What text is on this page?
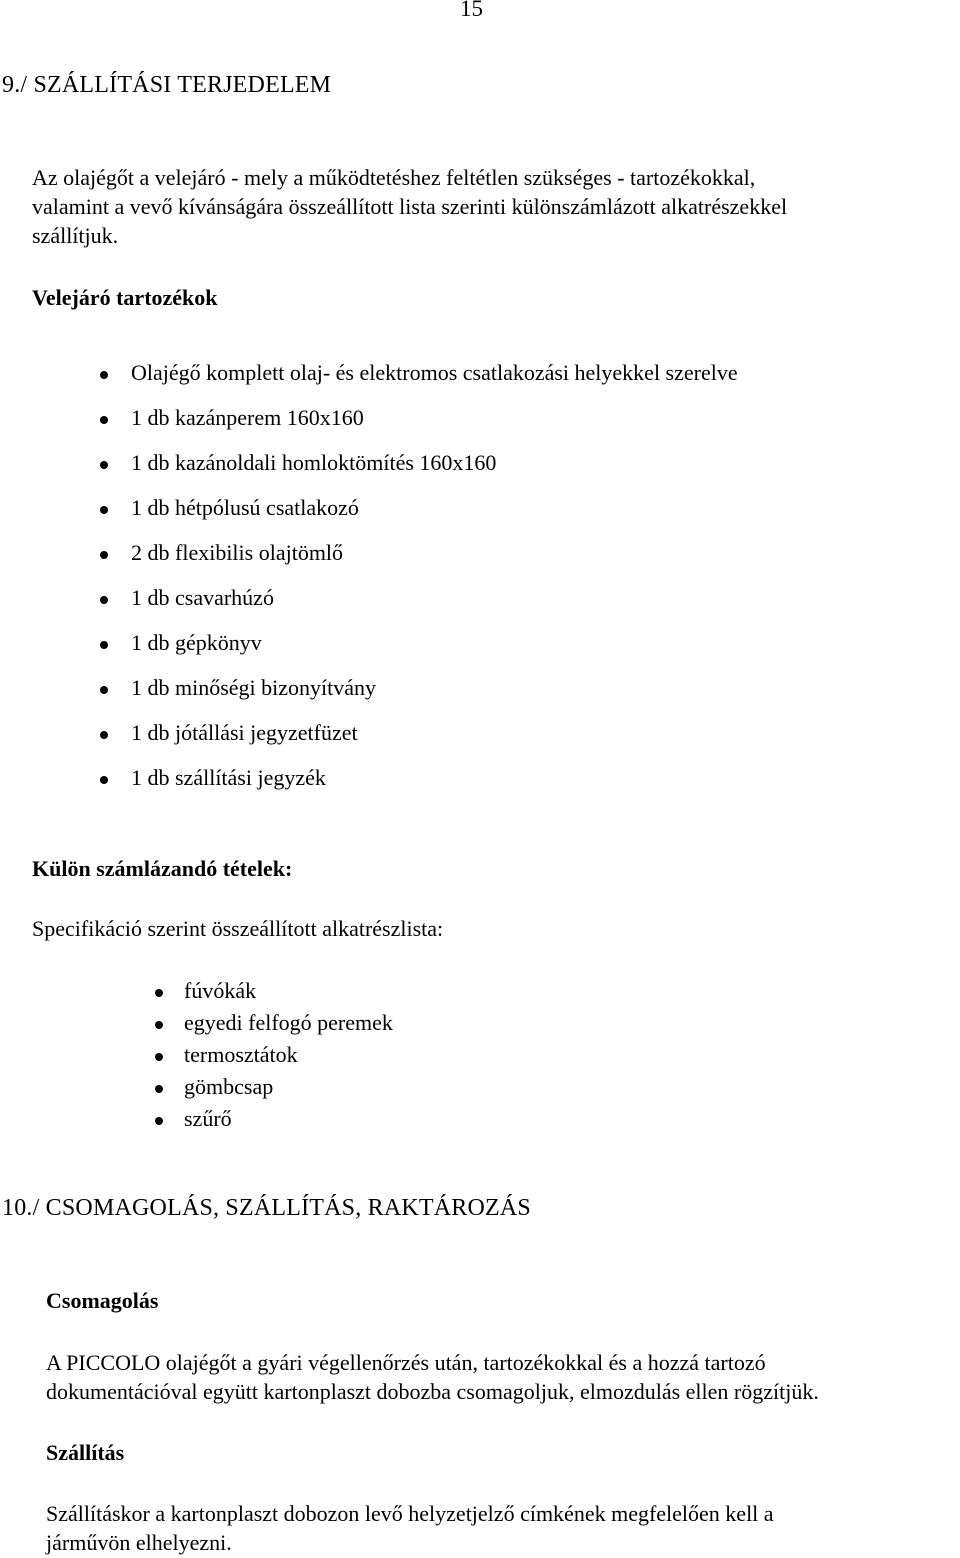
15
9./ SZÁLLÍTÁSI TERJEDELEM
Az olajégőt a velejáró - mely a működtetéshez feltétlen szükséges - tartozékokkal,
valamint a vevő kívánságára összeállított lista szerinti különszámlázott alkatrészekkel
szállítjuk.
Velejáró tartozékok
Olajégő komplett olaj- és elektromos csatlakozási helyekkel szerelve
1 db kazánperem 160x160
1 db kazánoldali homloktömítés 160x160
1 db hétpólusú csatlakozó
2 db flexibilis olajtömlő
1 db csavarhúzó
1 db gépkönyv
1 db minőségi bizonyítvány
1 db jótállási jegyzetfüzet
1 db szállítási jegyzék
Külön számlázandó tételek:
Specifikáció szerint összeállított alkatrészlista:
fúvókák
egyedi felfogó peremek
termosztátok
gömbcsap
szűrő
10./ CSOMAGOLÁS, SZÁLLÍTÁS, RAKTÁROZÁS
Csomagolás
A PICCOLO olajégőt a gyári végellenőrzés után, tartozékokkal és a hozzá tartozó
dokumentációval együtt kartonplaszt dobozba csomagoljuk, elmozdulás ellen rögzítjük.
Szállítás
Szállításkor a kartonplaszt dobozon levő helyzetjelző címkének megfelelően kell a
járművön elhelyezni.
